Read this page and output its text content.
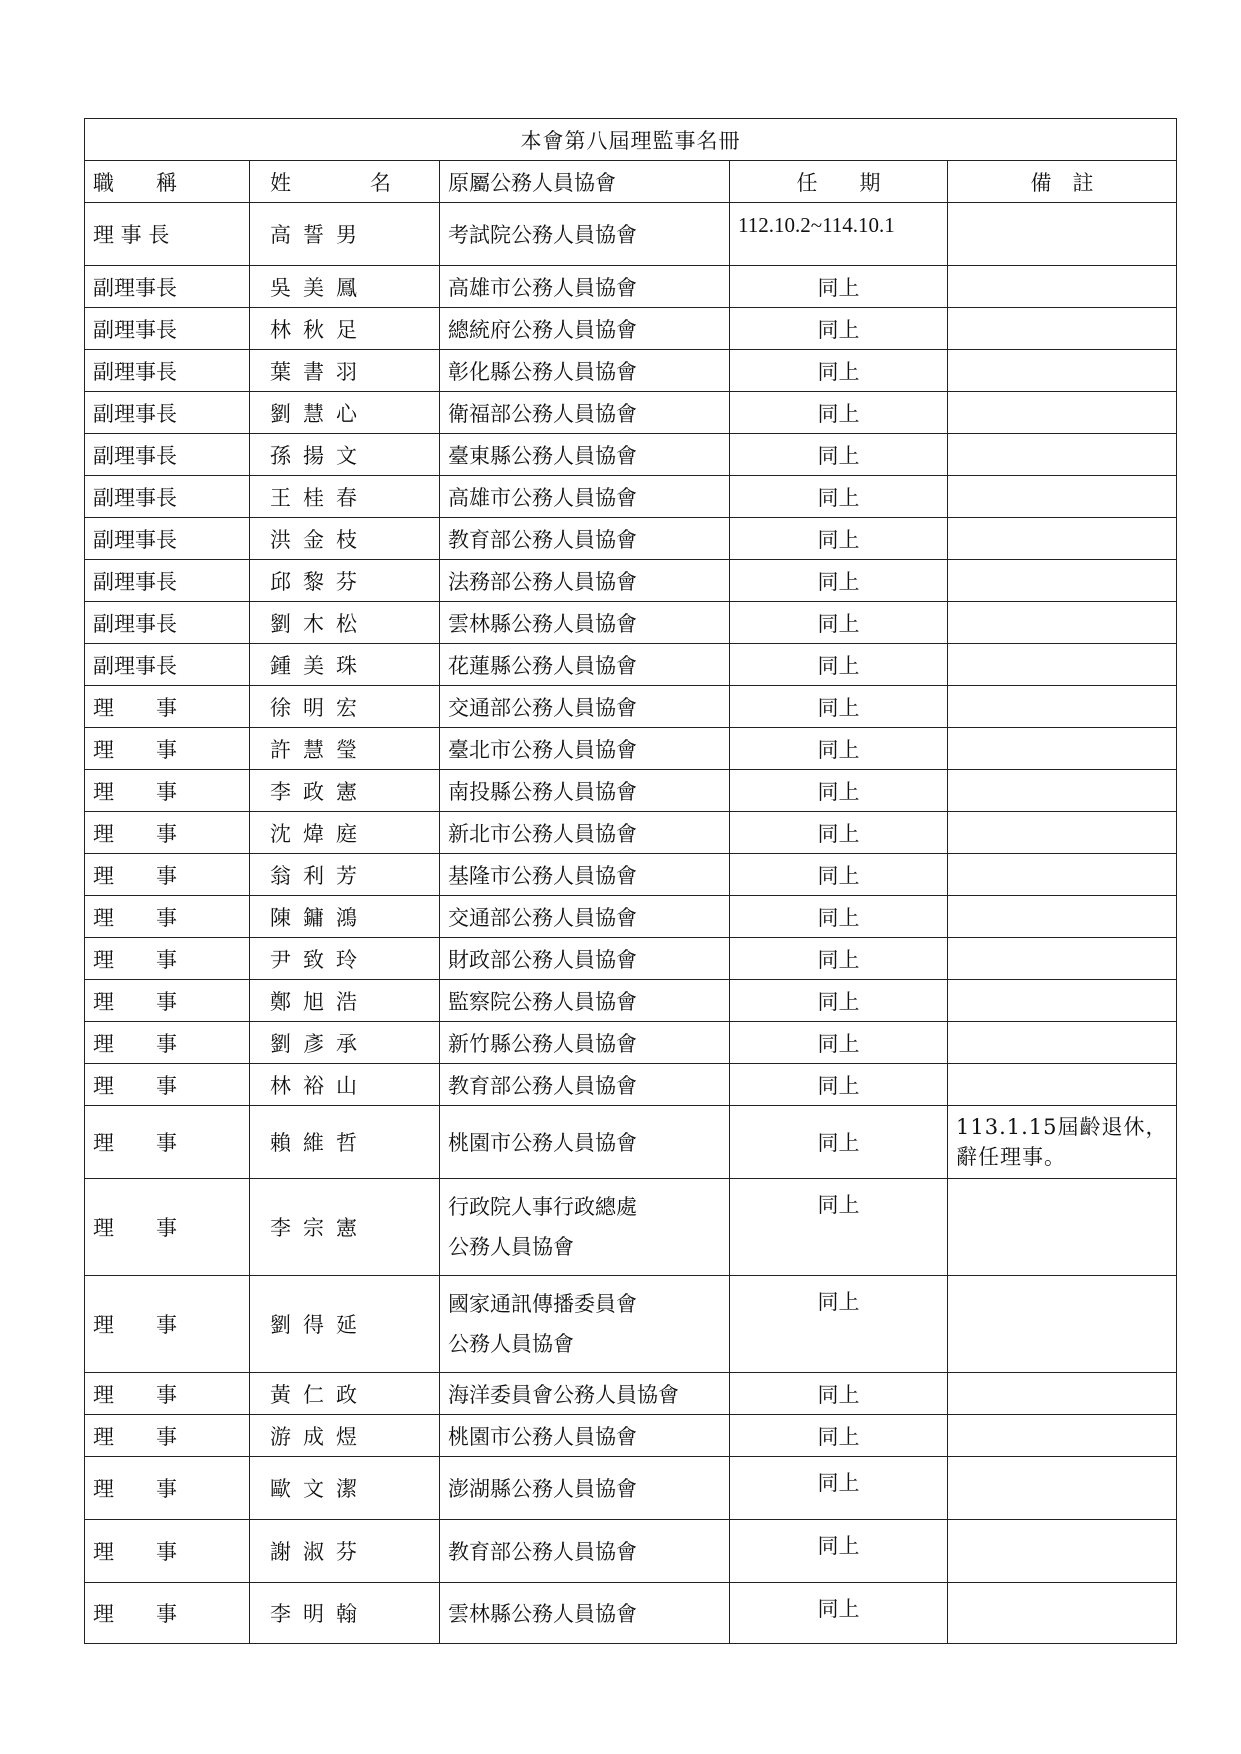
本會第八屆理監事名冊				
職　　稱	姓　　　名	原屬公務人員協會	任　　期	備　註
理 事 長	高誓男	考試院公務人員協會	112.10.2~114.10.1	
副理事長	吳美鳳	高雄市公務人員協會	同上	
副理事長	林秋足	總統府公務人員協會	同上	
副理事長	葉書羽	彰化縣公務人員協會	同上	
副理事長	劉慧心	衛福部公務人員協會	同上	
副理事長	孫揚文	臺東縣公務人員協會	同上	
副理事長	王桂春	高雄市公務人員協會	同上	
副理事長	洪金枝	教育部公務人員協會	同上	
副理事長	邱黎芬	法務部公務人員協會	同上	
副理事長	劉木松	雲林縣公務人員協會	同上	
副理事長	鍾美珠	花蓮縣公務人員協會	同上	
理　　事	徐明宏	交通部公務人員協會	同上	
理　　事	許慧瑩	臺北市公務人員協會	同上	
理　　事	李政憲	南投縣公務人員協會	同上	
理　　事	沈煒庭	新北市公務人員協會	同上	
理　　事	翁利芳	基隆市公務人員協會	同上	
理　　事	陳鏞鴻	交通部公務人員協會	同上	
理　　事	尹致玲	財政部公務人員協會	同上	
理　　事	鄭旭浩	監察院公務人員協會	同上	
理　　事	劉彥承	新竹縣公務人員協會	同上	
理　　事	林裕山	教育部公務人員協會	同上	
理　　事	賴維哲	桃園市公務人員協會	同上	113.1.15屆齡退休，辭任理事。
理　　事	李宗憲	行政院人事行政總處
公務人員協會	同上	
理　　事	劉得延	國家通訊傳播委員會
公務人員協會	同上	
理　　事	黃仁政	海洋委員會公務人員協會	同上	
理　　事	游成煜	桃園市公務人員協會	同上	
理　　事	歐文潔	澎湖縣公務人員協會	同上	
理　　事	謝淑芬	教育部公務人員協會	同上	
理　　事	李明翰	雲林縣公務人員協會	同上	
